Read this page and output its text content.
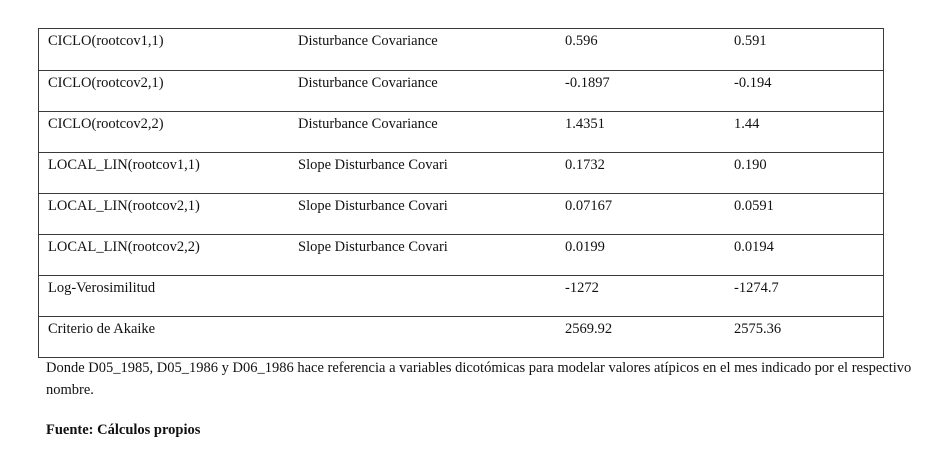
CICLO(rootcov1,1)	Disturbance Covariance	0.596	0.591
CICLO(rootcov2,1)	Disturbance Covariance	-0.1897	-0.194
CICLO(rootcov2,2)	Disturbance Covariance	1.4351	1.44
LOCAL_LIN(rootcov1,1)	Slope Disturbance Covari	0.1732	0.190
LOCAL_LIN(rootcov2,1)	Slope Disturbance Covari	0.07167	0.0591
LOCAL_LIN(rootcov2,2)	Slope Disturbance Covari	0.0199	0.0194
Log-Verosimilitud		-1272	-1274.7
Criterio de Akaike		2569.92	2575.36
Donde D05_1985, D05_1986 y D06_1986 hace referencia a variables dicotómicas para modelar valores atípicos en el mes indicado por el respectivo nombre.
Fuente: Cálculos propios
